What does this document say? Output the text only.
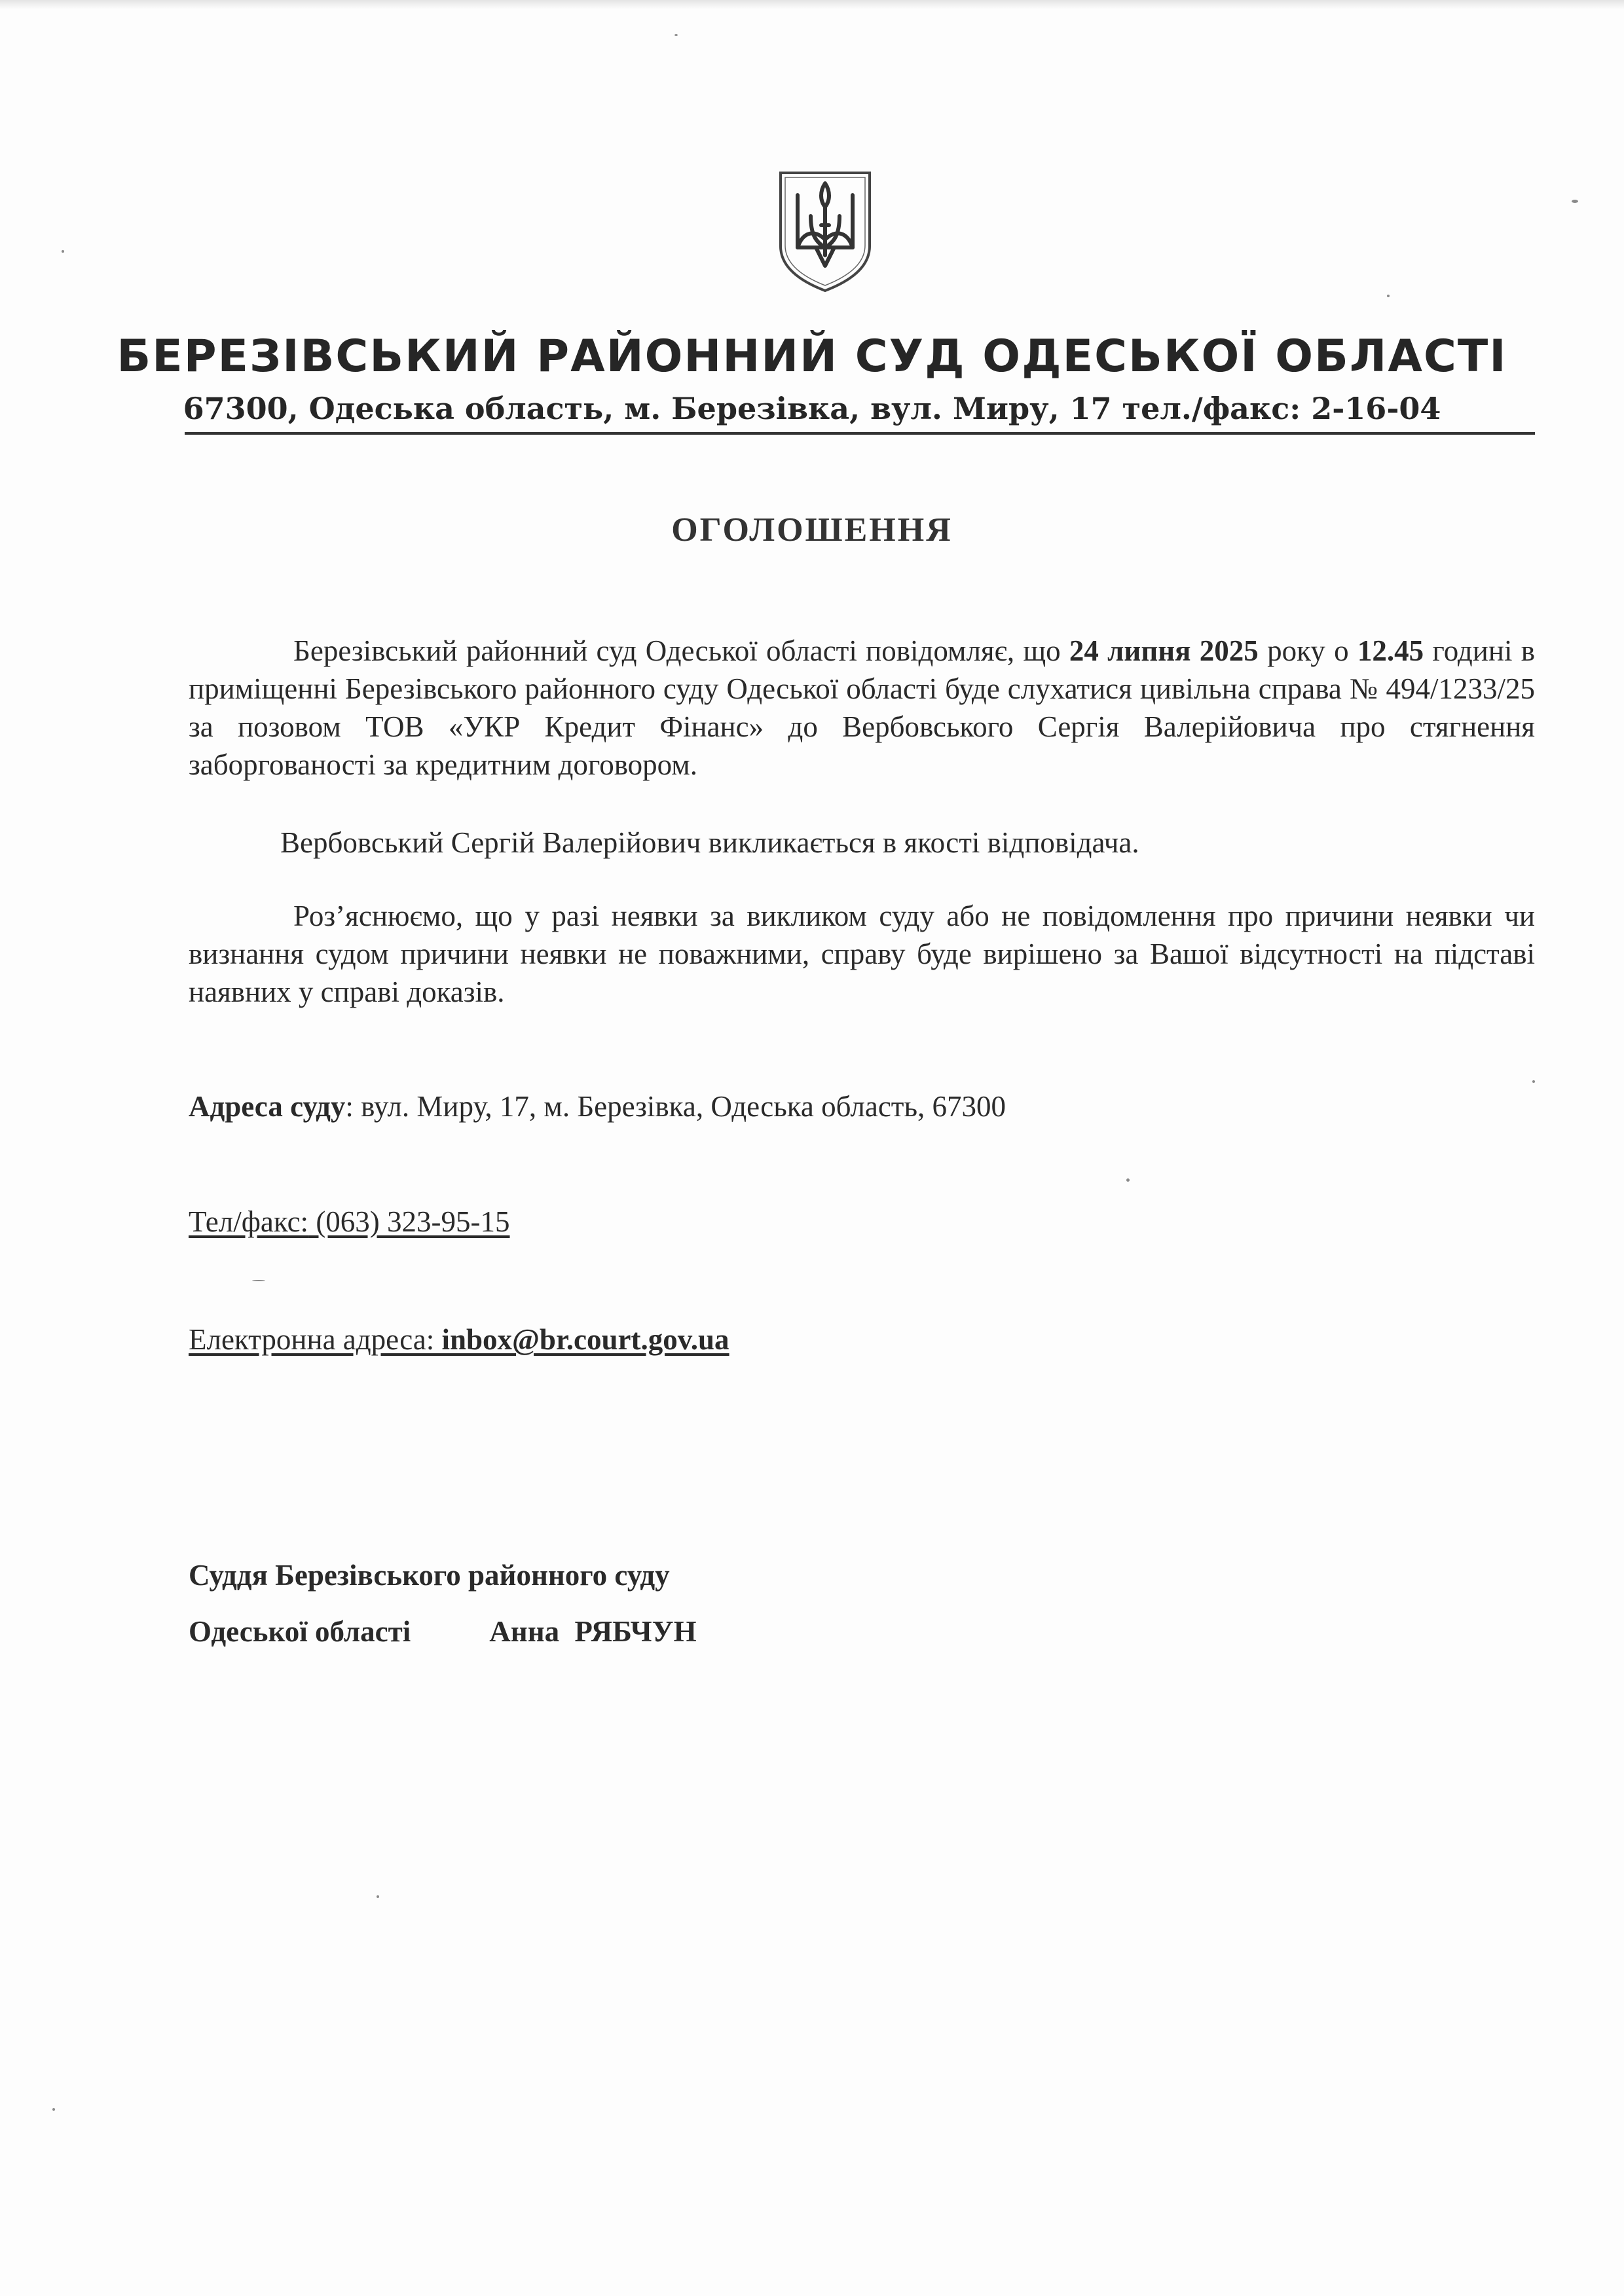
БЕРЕЗІВСЬКИЙ РАЙОННИЙ СУД ОДЕСЬКОЇ ОБЛАСТІ
67300, Одеська область, м. Березівка, вул. Миру, 17 тел./факс: 2-16-04
ОГОЛОШЕННЯ
Березівський районний суд Одеської області повідомляє, що 24 липня 2025 року о 12.45 годині в приміщенні Березівського районного суду Одеської області буде слухатися цивільна справа № 494/1233/25 за позовом ТОВ «УКР Кредит Фінанс» до Вербовського Сергія Валерійовича про стягнення заборгованості за кредитним договором.
Вербовський Сергій Валерійович викликається в якості відповідача.
Роз’яснюємо, що у разі неявки за викликом суду або не повідомлення про причини неявки чи визнання судом причини неявки не поважними, справу буде вирішено за Вашої відсутності на підставі наявних у справі доказів.
Адреса суду: вул. Миру, 17, м. Березівка, Одеська область, 67300
Тел/факс: (063) 323-95-15
Електронна адреса: inbox@br.court.gov.ua
Суддя Березівського районного суду
Одеської області	Анна РЯБЧУН
